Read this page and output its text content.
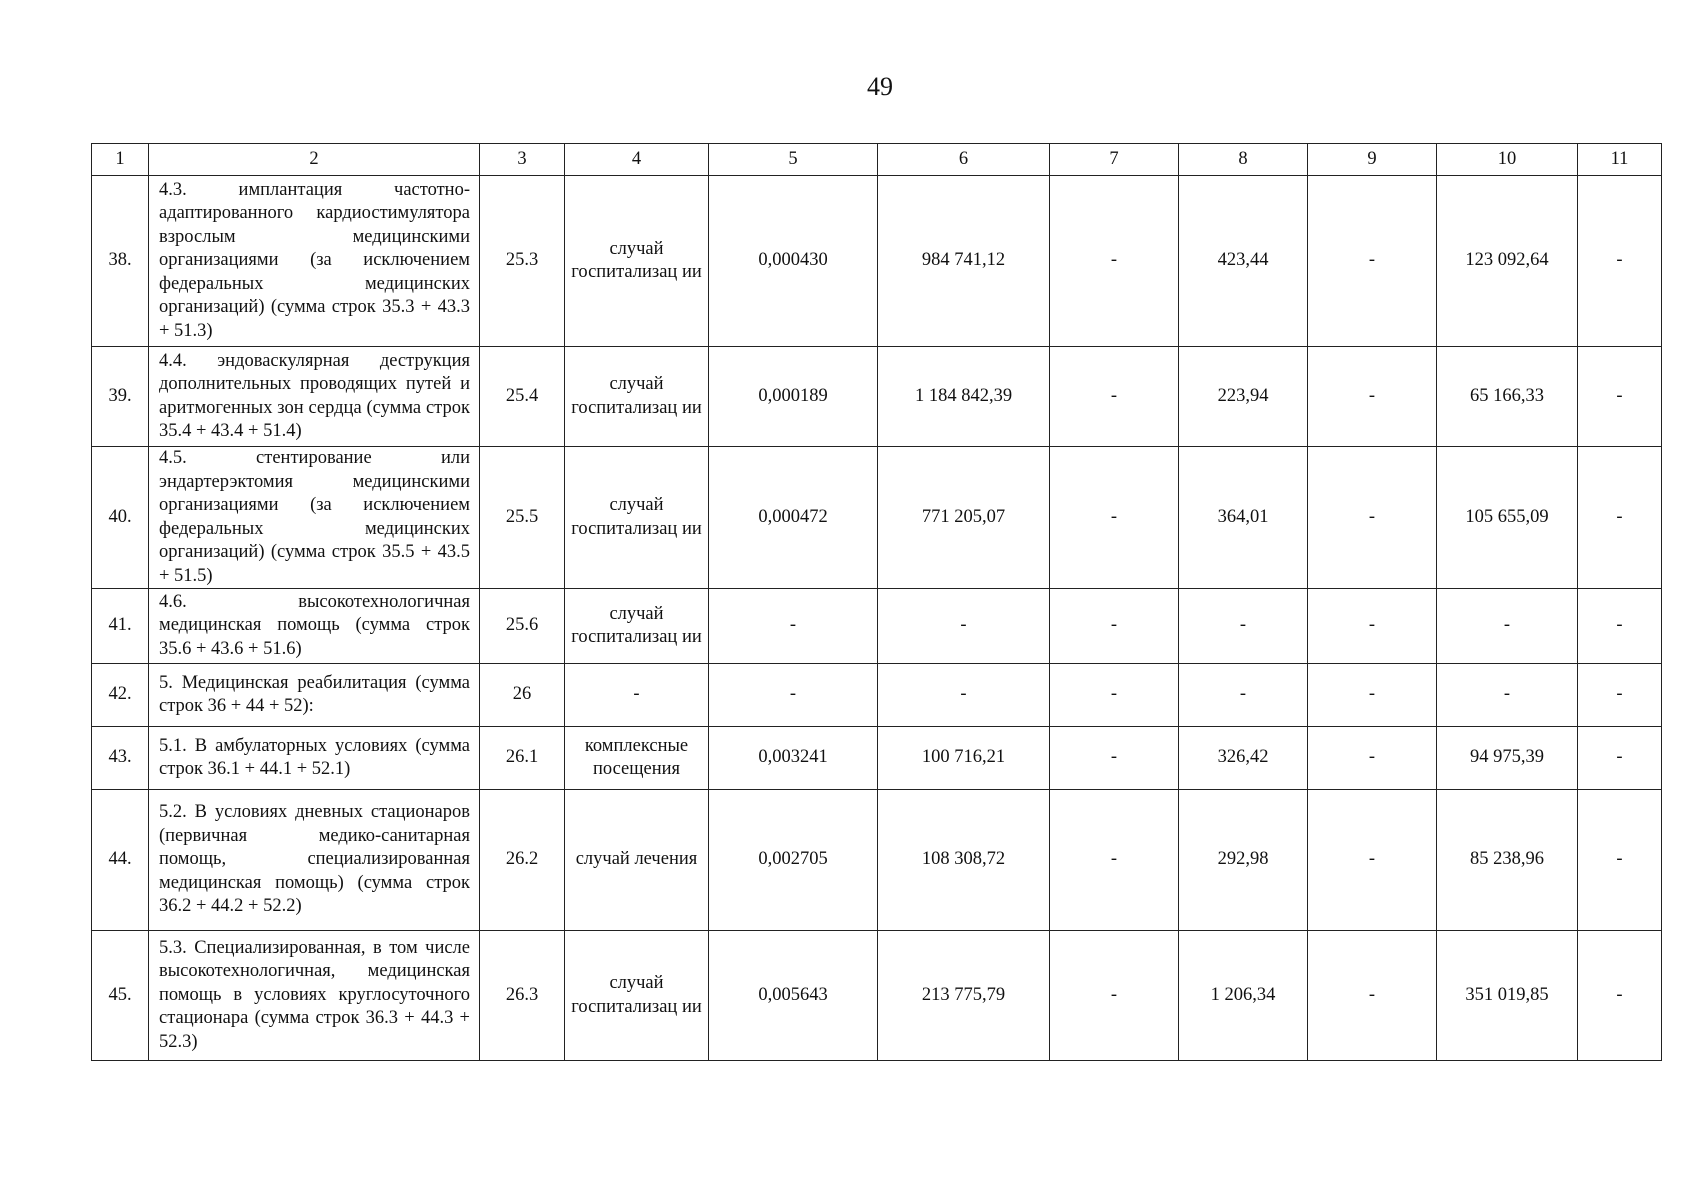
49
1	2	3	4	5	6	7	8	9	10	11
38.	4.3. имплантация частотно-адаптированного кардиостимулятора взрослым медицинскими организациями (за исключением федеральных медицинских организаций) (сумма строк 35.3 + 43.3 + 51.3)	25.3	случай госпитализац ии	0,000430	984 741,12	-	423,44	-	123 092,64	-
39.	4.4. эндоваскулярная деструкция дополнительных проводящих путей и аритмогенных зон сердца (сумма строк 35.4 + 43.4 + 51.4)	25.4	случай госпитализац ии	0,000189	1 184 842,39	-	223,94	-	65 166,33	-
40.	4.5. стентирование или эндартерэктомия медицинскими организациями (за исключением федеральных медицинских организаций) (сумма строк 35.5 + 43.5 + 51.5)	25.5	случай госпитализац ии	0,000472	771 205,07	-	364,01	-	105 655,09	-
41.	4.6. высокотехнологичная медицинская помощь (сумма строк 35.6 + 43.6 + 51.6)	25.6	случай госпитализац ии	-	-	-	-	-	-	-
42.	5. Медицинская реабилитация (сумма строк 36 + 44 + 52):	26	-	-	-	-	-	-	-	-
43.	5.1. В амбулаторных условиях (сумма строк 36.1 + 44.1 + 52.1)	26.1	комплексные посещения	0,003241	100 716,21	-	326,42	-	94 975,39	-
44.	5.2. В условиях дневных стационаров (первичная медико-санитарная помощь, специализированная медицинская помощь) (сумма строк 36.2 + 44.2 + 52.2)	26.2	случай лечения	0,002705	108 308,72	-	292,98	-	85 238,96	-
45.	5.3. Специализированная, в том числе высокотехнологичная, медицинская помощь в условиях круглосуточного стационара (сумма строк 36.3 + 44.3 + 52.3)	26.3	случай госпитализац ии	0,005643	213 775,79	-	1 206,34	-	351 019,85	-
